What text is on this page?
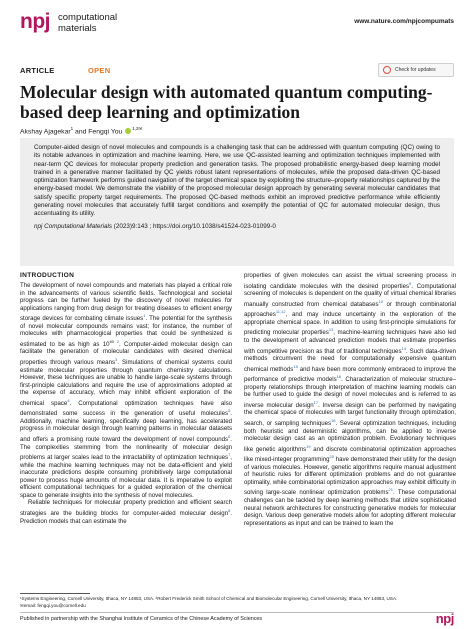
npj computational
materials
www.nature.com/npjcompumats
ARTICLE	OPEN	Check for updates
Molecular design with automated quantum computing-based deep learning and optimization
Akshay Ajagekar$^1$ and Fengqi You $^{1,2✉}$

Computer-aided design of novel molecules and compounds is a challenging task that can be addressed with quantum computing (QC) owing to its notable advances in optimization and machine learning. Here, we use QC-assisted learning and optimization techniques implemented with near-term QC devices for molecular property prediction and generation tasks. The proposed probabilistic energy-based deep learning model trained in a generative manner facilitated by QC yields robust latent representations of molecules, while the proposed data-driven QC-based optimization framework performs guided navigation of the target chemical space by exploiting the structure–property relationships captured by the energy-based model. We demonstrate the viability of the proposed molecular design approach by generating several molecular candidates that satisfy specific property target requirements. The proposed QC-based methods exhibit an improved predictive performance while efficiently generating novel molecules that accurately fulfill target conditions and exemplify the potential of QC for automated molecular design, thus accentuating its utility.

npj Computational Materials (2023)9:143 ; https://doi.org/10.1038/s41524-023-01099-0

INTRODUCTION

The development of novel compounds and materials has played a critical role in the advancements of various scientific fields. Technological and societal progress can be further fueled by the discovery of novel molecules for applications ranging from drug design for treating diseases to efficient energy storage devices for combating climate issues$^1$. The potential for the synthesis of novel molecular compounds remains vast; for instance, the number of molecules with pharmacological properties that could be synthesized is estimated to be as high as $10^{60}$ $^2$. Computer-aided molecular design can facilitate the generation of molecular candidates with desired chemical properties through various means$^3$. Simulations of chemical systems could estimate molecular properties through quantum chemistry calculations. However, these techniques are unable to handle large-scale systems through first-principle calculations and require the use of approximations adopted at the expense of accuracy, which may inhibit efficient exploration of the chemical space$^4$. Computational optimization techniques have also demonstrated some success in the generation of useful molecules$^5$. Additionally, machine learning, specifically deep learning, has accelerated progress in molecular design through learning patterns in molecular datasets and offers a promising route toward the development of novel compounds$^6$. The complexities stemming from the nonlinearity of molecular design problems at larger scales lead to the intractability of optimization techniques$^7$, while the machine learning techniques may not be data-efficient and yield inaccurate predictions despite consuming prohibitively large computational power to process huge amounts of molecular data. It is imperative to exploit efficient computational techniques for a guided exploration of the chemical space to generate insights into the synthesis of novel molecules.

Reliable techniques for molecular property prediction and efficient search strategies are the building blocks for computer-aided molecular design$^8$. Prediction models that can estimate the

properties of given molecules can assist the virtual screening process in isolating candidate molecules with the desired properties$^9$. Computational screening of molecules is dependent on the quality of virtual chemical libraries manually constructed from chemical databases$^{10}$ or through combinatorial approaches$^{11,12}$, and may induce uncertainty in the exploration of the appropriate chemical space. In addition to using first-principle simulations for predicting molecular properties$^{13}$, machine-learning techniques have also led to the development of advanced prediction models that estimate properties with competitive precision as that of traditional techniques$^{14}$. Such data-driven methods circumvent the need for computationally expensive quantum chemical methods$^{15}$ and have been more commonly embraced to improve the performance of predictive models$^{16}$. Characterization of molecular structure–property relationships through interpretation of machine learning models can be further used to guide the design of novel molecules and is referred to as inverse molecular design$^{17}$. Inverse design can be performed by navigating the chemical space of molecules with target functionality through optimization, search, or sampling techniques$^{18}$. Several optimization techniques, including both heuristic and deterministic algorithms, can be applied to inverse molecular design cast as an optimization problem. Evolutionary techniques like genetic algorithms$^{19}$ and discrete combinatorial optimization approaches like mixed-integer programming$^{20}$ have demonstrated their utility for the design of various molecules. However, genetic algorithms require manual adjustment of heuristic rules for different optimization problems and do not guarantee optimality, while combinatorial optimization approaches may exhibit difficulty in solving large-scale nonlinear optimization problems$^{21}$. These computational challenges can be tackled by deep learning methods that utilize sophisticated neural network architectures for constructing generative models for molecular design. Various deep generative models allow for adopting different molecular representations as input and can be trained to learn the

¹Systems Engineering, Cornell University, Ithaca, NY 14853, USA. ²Robert Frederick Smith School of Chemical and Biomolecular Engineering, Cornell University, Ithaca, NY 14853, USA.
✉email: fengqi.you@cornell.edu
Published in partnership with the Shanghai Institute of Ceramics of the Chinese Academy of Sciences	npj
